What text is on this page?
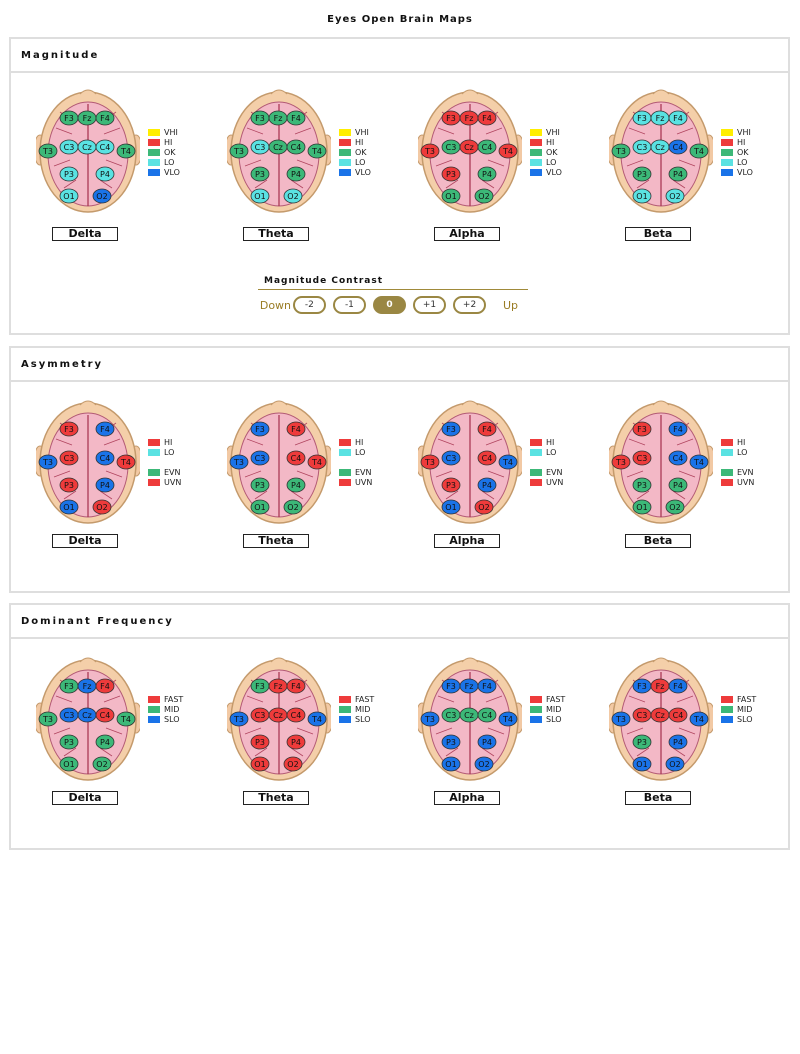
Eyes Open Brain Maps
Magnitude
Asymmetry
Dominant Frequency
F3 Fz F4
T3 C3 Cz C4 T4
P3	P4
O1	O2
Delta
VHI
HI
OK
LO
VLO
F3 Fz F4
T3 C3 Cz C4 T4
P3	P4
O1	O2
Theta
VHI
HI
OK
LO
VLO
F3 Fz F4
T3 C3 Cz C4 T4
P3	P4
O1	O2
Alpha
VHI
HI
OK
LO
VLO
F3 Fz F4
T3 C3 Cz C4 T4
P3	P4
O1	O2
Beta
VHI
HI
OK
LO
VLO
F3	F4
T3 C3	C4 T4
P3	P4
O1	O2
Delta
HI
LO
EVN
UVN
F3	F4
T3 C3	C4 T4
P3	P4
O1	O2
Theta
HI
LO
EVN
UVN
F3	F4
T3 C3	C4 T4
P3	P4
O1	O2
Alpha
HI
LO
EVN
UVN
F3	F4
T3 C3	C4 T4
P3	P4
O1	O2
Beta
HI
LO
EVN
UVN
F3 Fz F4
T3 C3 Cz C4 T4
P3	P4
O1	O2
Delta
FAST
MID
SLO
F3 Fz F4
T3 C3 Cz C4 T4
P3	P4
O1	O2
Theta
FAST
MID
SLO
F3 Fz F4
T3 C3 Cz C4 T4
P3	P4
O1	O2
Alpha
FAST
MID
SLO
F3 Fz F4
T3 C3 Cz C4 T4
P3	P4
O1	O2
Beta
FAST
MID
SLO
Magnitude Contrast
Down	-2	-1	0	+1	+2	Up
